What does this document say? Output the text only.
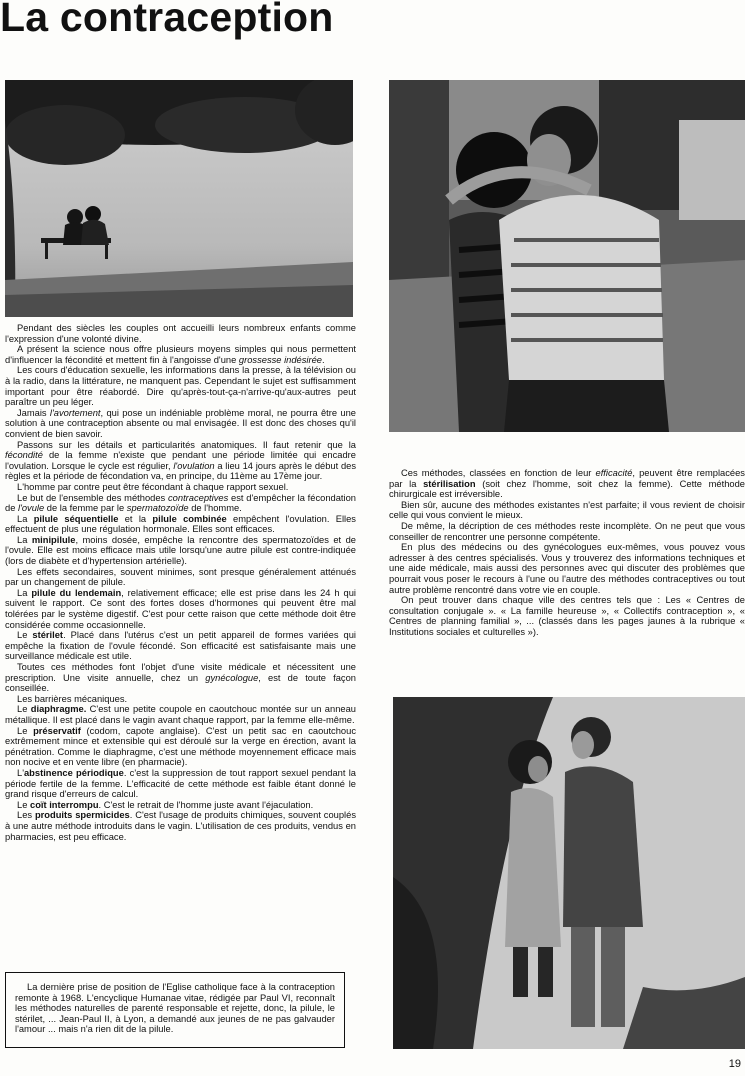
La contraception

Pendant des siècles les couples ont accueilli leurs nombreux enfants comme l'expression d'une volonté divine.

A présent la science nous offre plusieurs moyens simples qui nous permettent d'influencer la fécondité et mettent fin à l'angoisse d'une grossesse indésirée.

Les cours d'éducation sexuelle, les informations dans la presse, à la télévision ou à la radio, dans la littérature, ne manquent pas. Cependant le sujet est suffisamment important pour être réabordé. Dire qu'après-tout-ça-n'arrive-qu'aux-autres peut paraître un peu léger.

Jamais l'avortement, qui pose un indéniable problème moral, ne pourra être une solution à une contraception absente ou mal envisagée. Il est donc des choses qu'il convient de bien savoir.

Passons sur les détails et particularités anatomiques. Il faut retenir que la fécondité de la femme n'existe que pendant une période limitée qui encadre l'ovulation. Lorsque le cycle est régulier, l'ovulation a lieu 14 jours après le début des règles et la période de fécondation va, en principe, du 11ème au 17ème jour.

L'homme par contre peut être fécondant à chaque rapport sexuel.

Le but de l'ensemble des méthodes contraceptives est d'empêcher la fécondation de l'ovule de la femme par le spermatozoïde de l'homme.

La pilule séquentielle et la pilule combinée empêchent l'ovulation. Elles effectuent de plus une régulation hormonale. Elles sont efficaces.

La minipilule, moins dosée, empêche la rencontre des spermatozoïdes et de l'ovule. Elle est moins efficace mais utile lorsqu'une autre pilule est contre-indiquée (lors de diabète et d'hypertension artérielle).

Les effets secondaires, souvent minimes, sont presque généralement atténués par un changement de pilule.

La pilule du lendemain, relativement efficace; elle est prise dans les 24 h qui suivent le rapport. Ce sont des fortes doses d'hormones qui peuvent être mal tolérées par le système digestif. C'est pour cette raison que cette méthode doit être considérée comme occasionnelle.

Le stérilet. Placé dans l'utérus c'est un petit appareil de formes variées qui empêche la fixation de l'ovule fécondé. Son efficacité est satisfaisante mais une surveillance médicale est utile.

Toutes ces méthodes font l'objet d'une visite médicale et nécessitent une prescription. Une visite annuelle, chez un gynécologue, est de toute façon conseillée.

Les barrières mécaniques.

Le diaphragme. C'est une petite coupole en caoutchouc montée sur un anneau métallique. Il est placé dans le vagin avant chaque rapport, par la femme elle-même.

Le préservatif (codom, capote anglaise). C'est un petit sac en caoutchouc extrêmement mince et extensible qui est déroulé sur la verge en érection, avant la pénétration. Comme le diaphragme, c'est une méthode moyennement efficace mais non nocive et en vente libre (en pharmacie).

L'abstinence périodique. c'est la suppression de tout rapport sexuel pendant la période fertile de la femme. L'efficacité de cette méthode est faible étant donné le grand risque d'erreurs de calcul.

Le coït interrompu. C'est le retrait de l'homme juste avant l'éjaculation.

Les produits spermicides. C'est l'usage de produits chimiques, souvent couplés à une autre méthode introduits dans le vagin. L'utilisation de ces produits, vendus en pharmacies, est peu efficace.

Ces méthodes, classées en fonction de leur efficacité, peuvent être remplacées par la stérilisation (soit chez l'homme, soit chez la femme). Cette méthode chirurgicale est irréversible.

Bien sûr, aucune des méthodes existantes n'est parfaite; il vous revient de choisir celle qui vous convient le mieux.

De même, la décription de ces méthodes reste incomplète. On ne peut que vous conseiller de rencontrer une personne compétente.

En plus des médecins ou des gynécologues eux-mêmes, vous pouvez vous adresser à des centres spécialisés. Vous y trouverez des informations techniques et une aide médicale, mais aussi des personnes avec qui discuter des problèmes que pourrait vous poser le recours à l'une ou l'autre des méthodes contraceptives ou tout autre problème rencontré dans votre vie en couple.

On peut trouver dans chaque ville des centres tels que : Les « Centres de consultation conjugale ». « La famille heureuse », « Collectifs contraception », « Centres de planning familial », ... (classés dans les pages jaunes à la rubrique « Institutions sociales et culturelles »).

La dernière prise de position de l'Eglise catholique face à la contraception remonte à 1968. L'encyclique Humanae vitae, rédigée par Paul VI, reconnaît les méthodes naturelles de parenté responsable et rejette, donc, la pilule, le stérilet, ... Jean-Paul II, à Lyon, a demandé aux jeunes de ne pas galvauder l'amour ... mais n'a rien dit de la pilule.

19
